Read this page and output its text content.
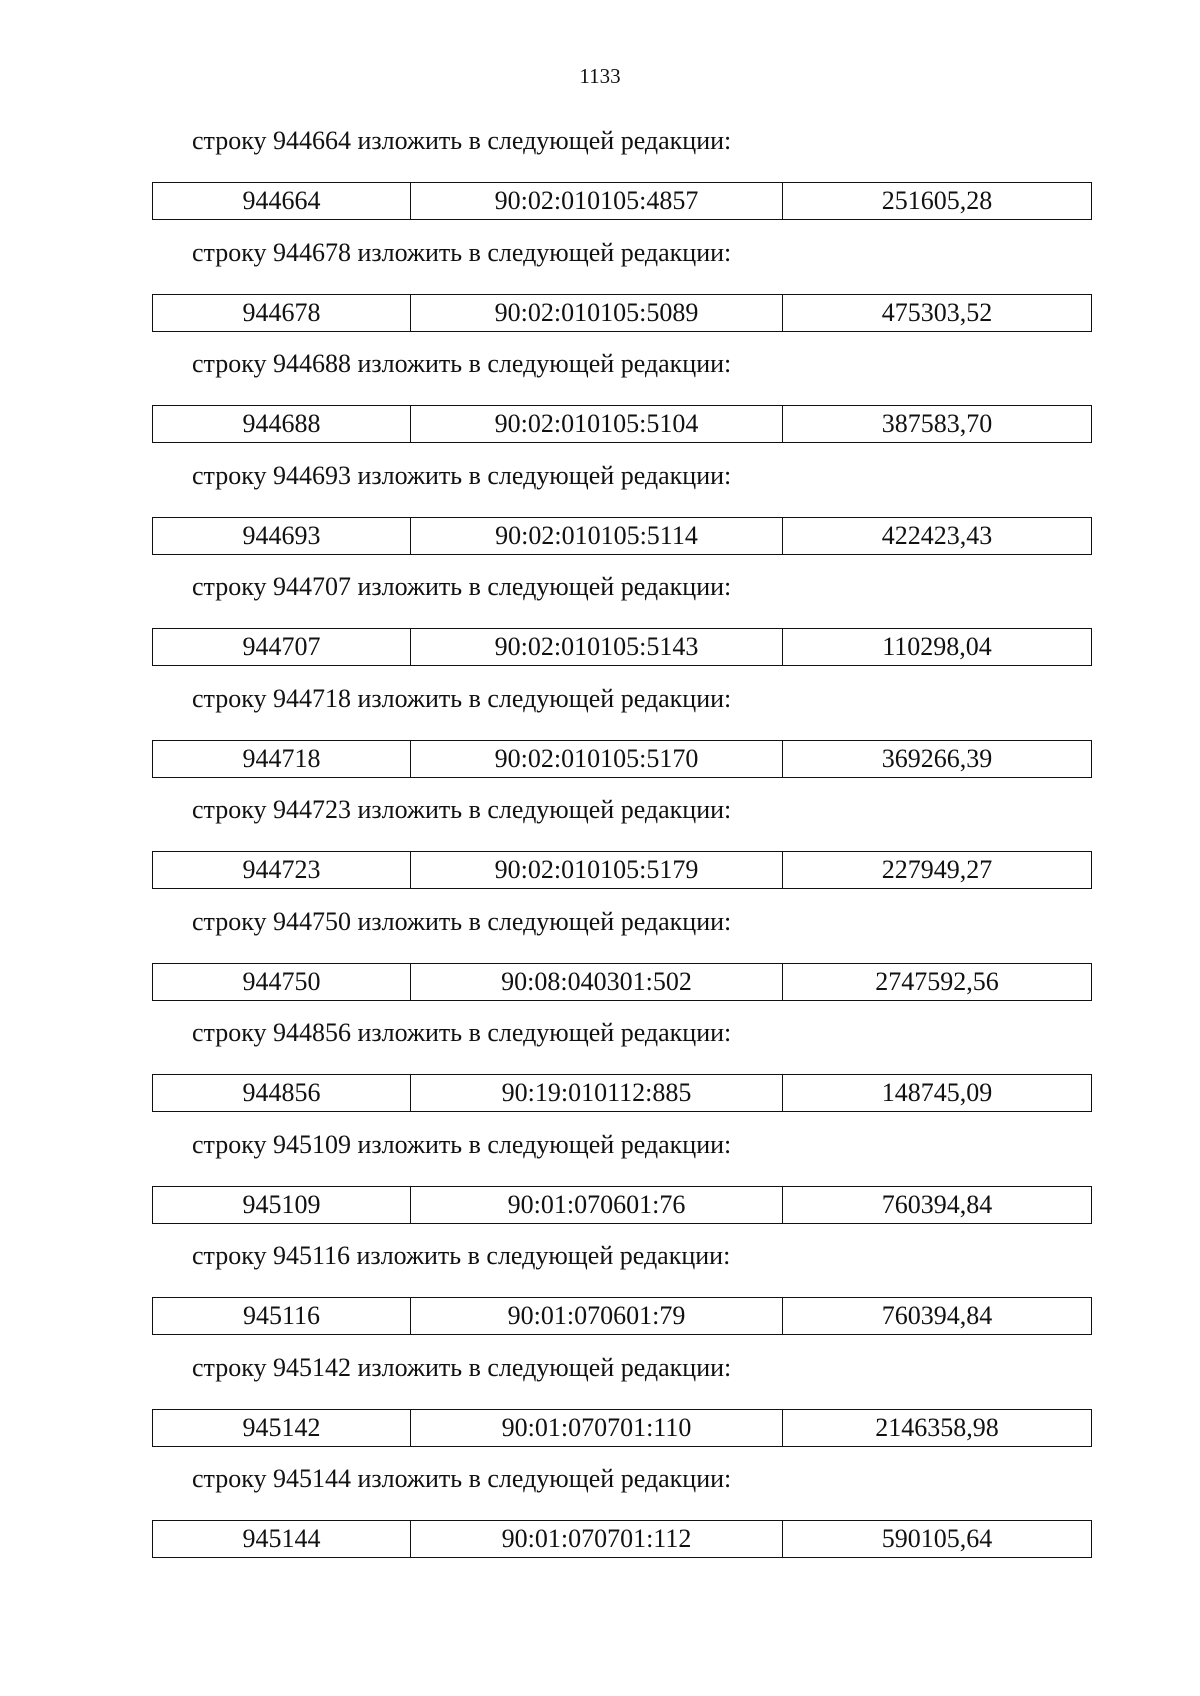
1133
строку 944664 изложить в следующей редакции:
944664	90:02:010105:4857	251605,28
строку 944678 изложить в следующей редакции:
944678	90:02:010105:5089	475303,52
строку 944688 изложить в следующей редакции:
944688	90:02:010105:5104	387583,70
строку 944693 изложить в следующей редакции:
944693	90:02:010105:5114	422423,43
строку 944707 изложить в следующей редакции:
944707	90:02:010105:5143	110298,04
строку 944718 изложить в следующей редакции:
944718	90:02:010105:5170	369266,39
строку 944723 изложить в следующей редакции:
944723	90:02:010105:5179	227949,27
строку 944750 изложить в следующей редакции:
944750	90:08:040301:502	2747592,56
строку 944856 изложить в следующей редакции:
944856	90:19:010112:885	148745,09
строку 945109 изложить в следующей редакции:
945109	90:01:070601:76	760394,84
строку 945116 изложить в следующей редакции:
945116	90:01:070601:79	760394,84
строку 945142 изложить в следующей редакции:
945142	90:01:070701:110	2146358,98
строку 945144 изложить в следующей редакции:
945144	90:01:070701:112	590105,64
